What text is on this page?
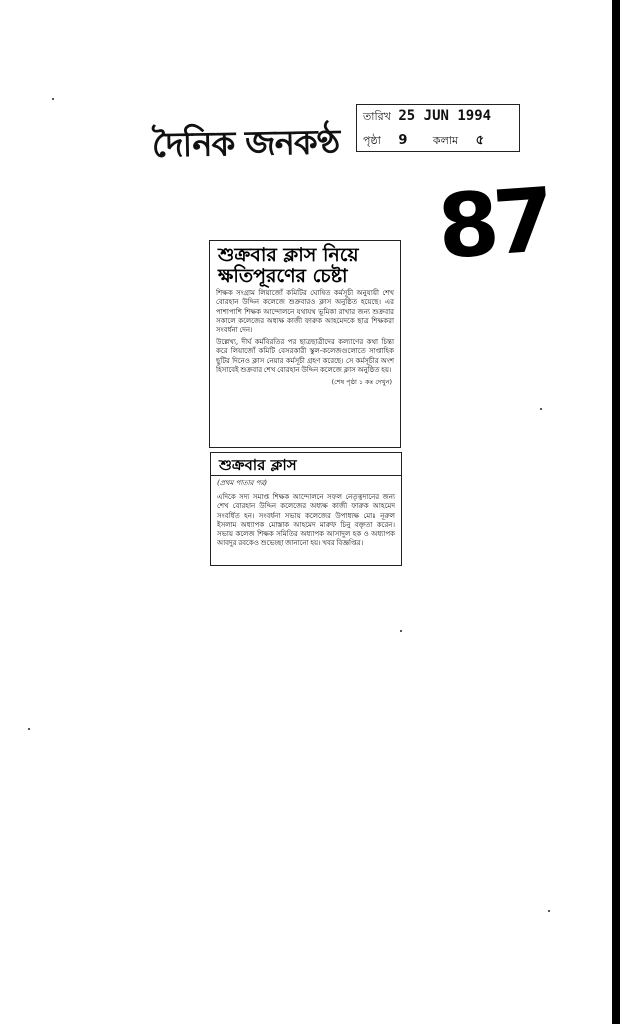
দৈনিক জনকণ্ঠ
তারিখ 25 JUN 1994
পৃষ্ঠা 9 কলাম ৫
87
শুক্রবার ক্লাস নিয়ে ক্ষতিপূরণের চেষ্টা
শিক্ষক সংগ্রাম লিয়াজোঁ কমিটির ঘোষিত কর্মসূচী অনুযায়ী শেখ বোরহান উদ্দিন কলেজে শুক্রবারও ক্লাস অনুষ্ঠিত হয়েছে। এর পাশাপাশি শিক্ষক আন্দোলনে যথাযথ ভূমিকা রাখার জন্য শুক্রবার সকালে কলেজের অধ্যক্ষ কাজী ফারুক আহমেদকে ছাত্র শিক্ষকরা সংবর্ধনা দেন।
উল্লেখ্য, দীর্ঘ কর্মবিরতির পর ছাত্রছাত্রীদের কল্যাণের কথা চিন্তা করে লিয়াজোঁ কমিটি বেসরকারী স্কুল-কলেজগুলোতে সাপ্তাহিক ছুটির দিনেও ক্লাস নেয়ার কর্মসূচী গ্রহণ করেছে। সে কর্মসূচীর অংশ হিসাবেই শুক্রবার শেখ বোরহান উদ্দিন কলেজে ক্লাস অনুষ্ঠিত হয়।
(শেষ পৃষ্ঠা ১ কঃ দেখুন)
শুক্রবার ক্লাস
(প্রথম পাতার পর)
এদিকে সদ্য সমাপ্ত শিক্ষক আন্দোলনে সফল নেতৃত্বদানের জন্য শেখ বোরহান উদ্দিন কলেজের অধ্যক্ষ কাজী ফারুক আহমেদ সংবর্ধিত হন। সংবর্ধনা সভায় কলেজের উপাধ্যক্ষ মোঃ নূরুল ইসলাম অধ্যাপক মোস্তাক আহমেদ মারুফ চিনু বক্তৃতা করেন। সভায় কলেজ শিক্ষক সমিতির অধ্যাপক আসাদুল হক ও অধ্যাপক আবদুর রবকেও শুভেচ্ছা জানানো হয়। খবর বিজ্ঞপ্তির।
